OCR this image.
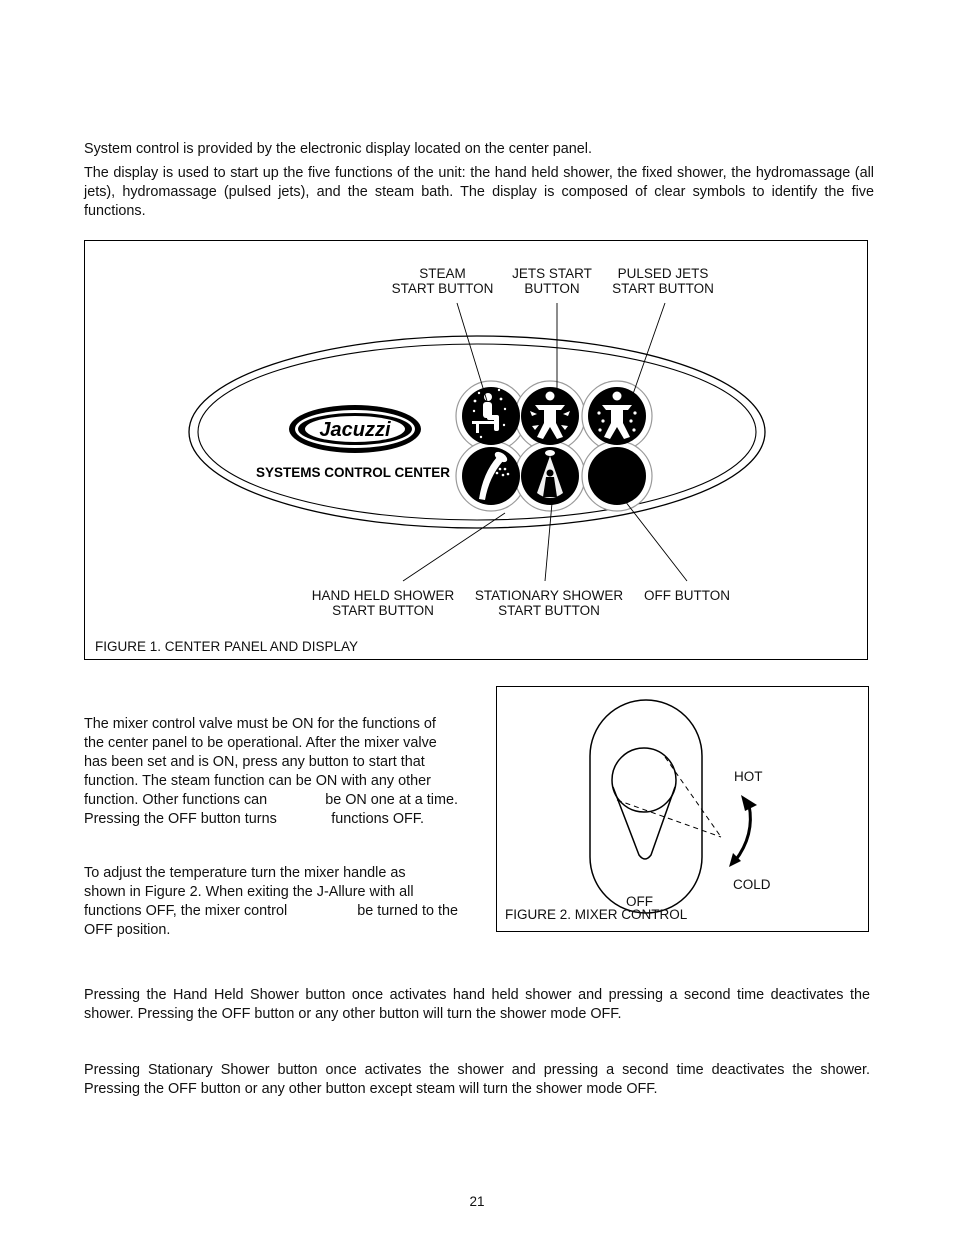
System control is provided by the electronic display located on the center panel.

The display is used to start up the five functions of the unit: the hand held shower, the fixed shower, the hydromassage (all jets), hydromassage (pulsed jets), and the steam bath. The display is composed of clear symbols to identify the five functions.

STEAM
START BUTTON
JETS START
BUTTON
PULSED JETS
START BUTTON
Jacuzzi
SYSTEMS CONTROL CENTER
HAND HELD SHOWER
START BUTTON
STATIONARY SHOWER
START BUTTON
OFF BUTTON
FIGURE 1. CENTER PANEL AND DISPLAY
The mixer control valve must be ON for the functions of
the center panel to be operational. After the mixer valve
has been set and is ON, press any button to start that
function. The steam function can be ON with any other
function. Other functions can	be ON one at a time.
Pressing the OFF button turns	functions OFF.
To adjust the temperature turn the mixer handle as
shown in Figure 2. When exiting the J-Allure with all
functions OFF, the mixer control	be turned to the
OFF position.
HOT
COLD
OFF
FIGURE 2. MIXER CONTROL
Pressing the Hand Held Shower button once activates hand held shower and pressing a second time deactivates the shower. Pressing the OFF button or any other button will turn the shower mode OFF.
Pressing Stationary Shower button once activates the shower and pressing a second time deactivates the shower. Pressing the OFF button or any other button except steam will turn the shower mode OFF.
21
